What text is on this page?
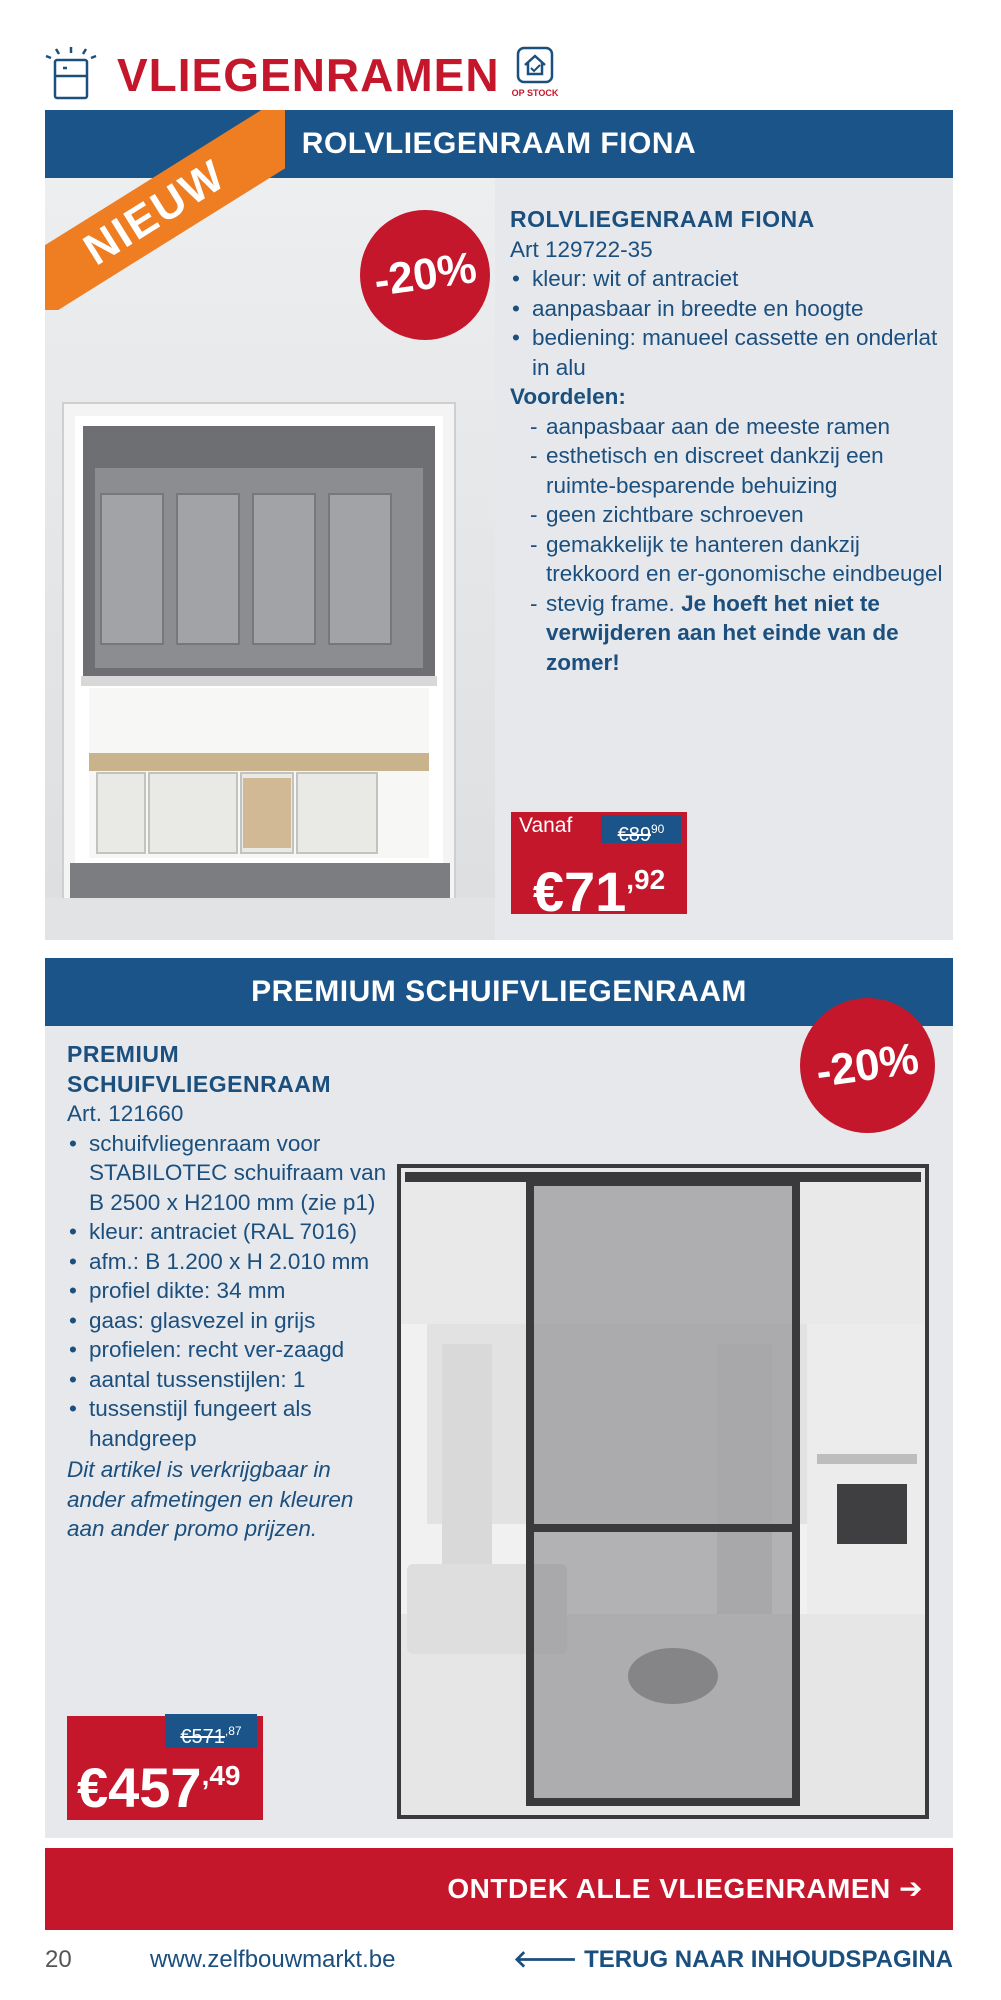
VLIEGENRAMEN	OP STOCK
ROLVLIEGENRAAM FIONA
NIEUW	-20%
ROLVLIEGENRAAM FIONA
Art 129722-35
• kleur: wit of antraciet
• aanpasbaar in breedte en hoogte
• bediening: manueel cassette en onderlat in alu
Voordelen:
- aanpasbaar aan de meeste ramen
- esthetisch en discreet dankzij een ruimte-besparende behuizing
- geen zichtbare schroeven
- gemakkelijk te hanteren dankzij trekkoord en er-gonomische eindbeugel
- stevig frame. Je hoeft het niet te verwijderen aan het einde van de zomer!
Vanaf	$€89^{90}$
$€71^{,92}$
PREMIUM SCHUIFVLIEGENRAAM
-20%
PREMIUM SCHUIFVLIEGENRAAM
Art. 121660
• schuifvliegenraam voor STABILOTEC schuifraam van B 2500 x H2100 mm (zie p1)
• kleur: antraciet (RAL 7016)
• afm.: B 1.200 x H 2.010 mm
• profiel dikte: 34 mm
• gaas: glasvezel in grijs
• profielen: recht ver-zaagd
• aantal tussenstijlen: 1
• tussenstijl fungeert als handgreep
Dit artikel is verkrijgbaar in ander afmetingen en kleuren aan ander promo prijzen.
$€457^{,49}$
$€571^{,87}$
ONTDEK ALLE VLIEGENRAMEN ➔
20	www.zelfbouwmarkt.be	🡐 TERUG NAAR INHOUDSPAGINA
